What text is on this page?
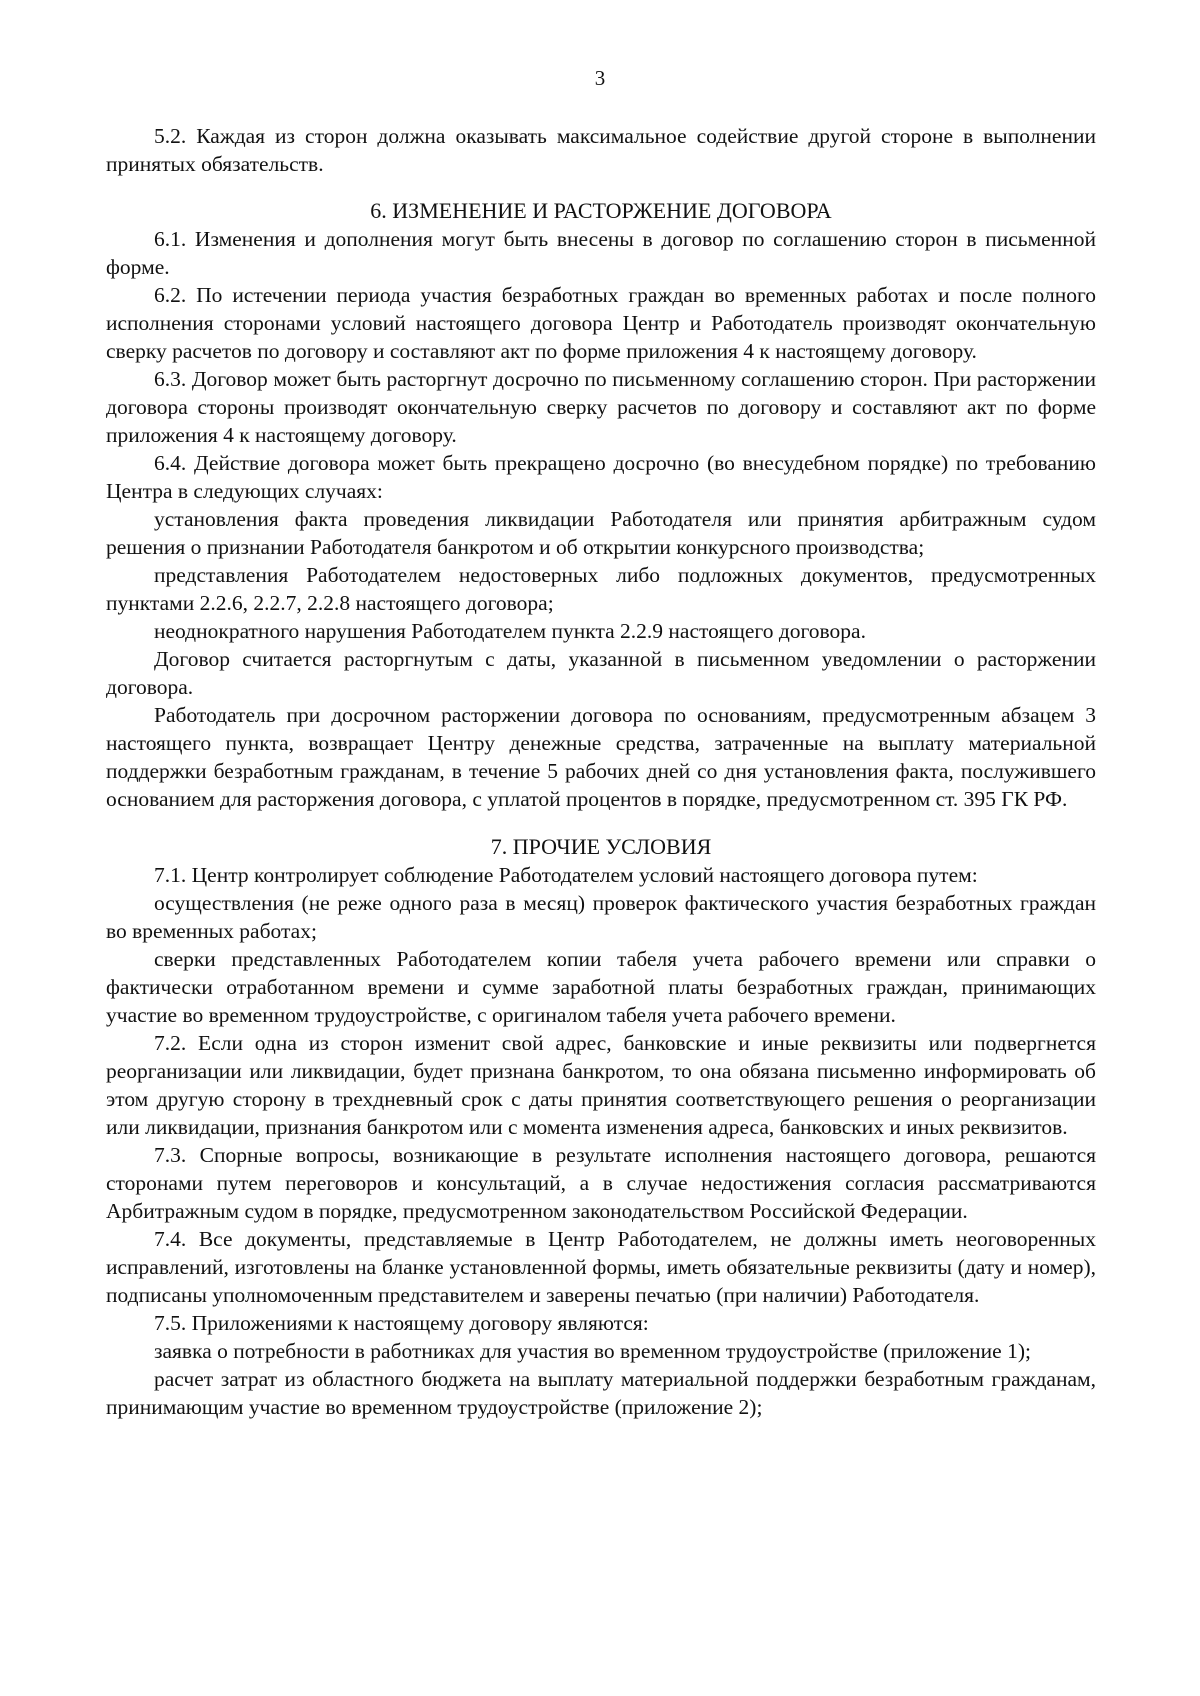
3

5.2. Каждая из сторон должна оказывать максимальное содействие другой стороне в выполнении принятых обязательств.

6. ИЗМЕНЕНИЕ И РАСТОРЖЕНИЕ ДОГОВОРА

6.1. Изменения и дополнения могут быть внесены в договор по соглашению сторон в письменной форме.

6.2. По истечении периода участия безработных граждан во временных работах и после полного исполнения сторонами условий настоящего договора Центр и Работодатель производят окончательную сверку расчетов по договору и составляют акт по форме приложения 4 к настоящему договору.

6.3. Договор может быть расторгнут досрочно по письменному соглашению сторон. При расторжении договора стороны производят окончательную сверку расчетов по договору и составляют акт по форме приложения 4 к настоящему договору.

6.4. Действие договора может быть прекращено досрочно (во внесудебном порядке) по требованию Центра в следующих случаях:

установления факта проведения ликвидации Работодателя или принятия арбитражным судом решения о признании Работодателя банкротом и об открытии конкурсного производства;

представления Работодателем недостоверных либо подложных документов, предусмотренных пунктами 2.2.6, 2.2.7, 2.2.8 настоящего договора;

неоднократного нарушения Работодателем пункта 2.2.9 настоящего договора.

Договор считается расторгнутым с даты, указанной в письменном уведомлении о расторжении договора.

Работодатель при досрочном расторжении договора по основаниям, предусмотренным абзацем 3 настоящего пункта, возвращает Центру денежные средства, затраченные на выплату материальной поддержки безработным гражданам, в течение 5 рабочих дней со дня установления факта, послужившего основанием для расторжения договора, с уплатой процентов в порядке, предусмотренном ст. 395 ГК РФ.

7. ПРОЧИЕ УСЛОВИЯ

7.1. Центр контролирует соблюдение Работодателем условий настоящего договора путем:

осуществления (не реже одного раза в месяц) проверок фактического участия безработных граждан во временных работах;

сверки представленных Работодателем копии табеля учета рабочего времени или справки о фактически отработанном времени и сумме заработной платы безработных граждан, принимающих участие во временном трудоустройстве, с оригиналом табеля учета рабочего времени.

7.2. Если одна из сторон изменит свой адрес, банковские и иные реквизиты или подвергнется реорганизации или ликвидации, будет признана банкротом, то она обязана письменно информировать об этом другую сторону в трехдневный срок с даты принятия соответствующего решения о реорганизации или ликвидации, признания банкротом или с момента изменения адреса, банковских и иных реквизитов.

7.3. Спорные вопросы, возникающие в результате исполнения настоящего договора, решаются сторонами путем переговоров и консультаций, а в случае недостижения согласия рассматриваются Арбитражным судом в порядке, предусмотренном законодательством Российской Федерации.

7.4. Все документы, представляемые в Центр Работодателем, не должны иметь неоговоренных исправлений, изготовлены на бланке установленной формы, иметь обязательные реквизиты (дату и номер), подписаны уполномоченным представителем и заверены печатью (при наличии) Работодателя.

7.5. Приложениями к настоящему договору являются:

заявка о потребности в работниках для участия во временном трудоустройстве (приложение 1);

расчет затрат из областного бюджета на выплату материальной поддержки безработным гражданам, принимающим участие во временном трудоустройстве (приложение 2);
